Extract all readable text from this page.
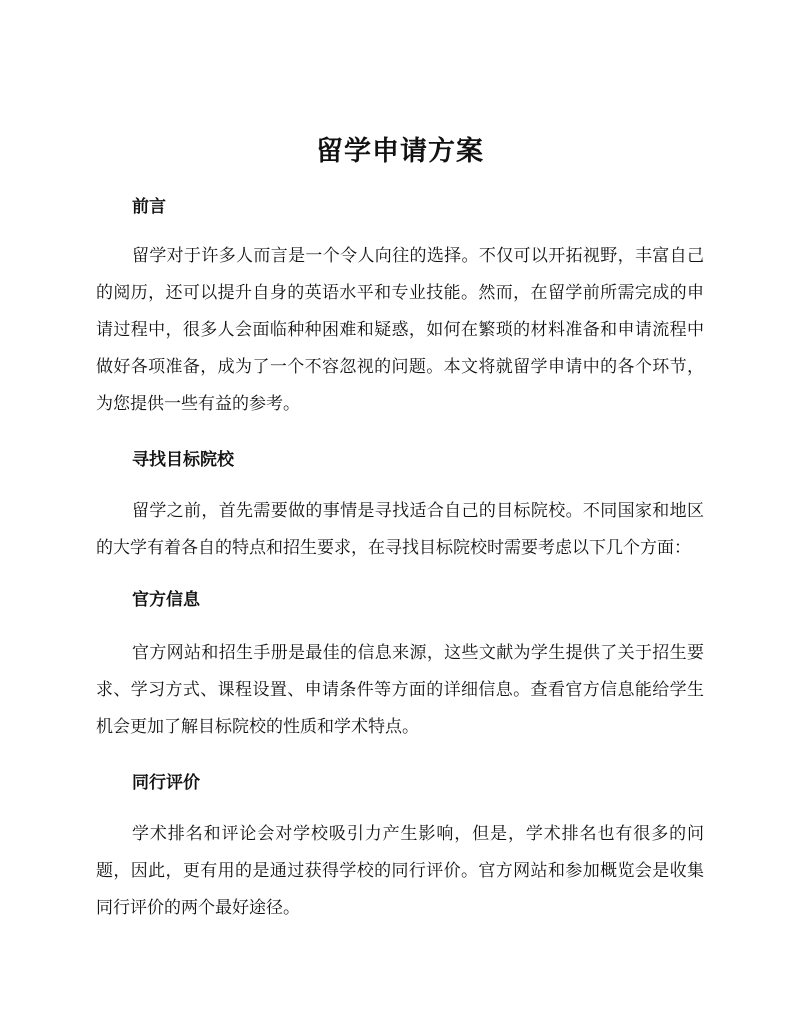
留学申请方案
前言

留学对于许多人而言是一个令人向往的选择。不仅可以开拓视野，丰富自己的阅历，还可以提升自身的英语水平和专业技能。然而，在留学前所需完成的申请过程中，很多人会面临种种困难和疑惑，如何在繁琐的材料准备和申请流程中做好各项准备，成为了一个不容忽视的问题。本文将就留学申请中的各个环节，为您提供一些有益的参考。

寻找目标院校

留学之前，首先需要做的事情是寻找适合自己的目标院校。不同国家和地区的大学有着各自的特点和招生要求，在寻找目标院校时需要考虑以下几个方面：

官方信息

官方网站和招生手册是最佳的信息来源，这些文献为学生提供了关于招生要求、学习方式、课程设置、申请条件等方面的详细信息。查看官方信息能给学生机会更加了解目标院校的性质和学术特点。

同行评价

学术排名和评论会对学校吸引力产生影响，但是，学术排名也有很多的问题，因此，更有用的是通过获得学校的同行评价。官方网站和参加概览会是收集同行评价的两个最好途径。
